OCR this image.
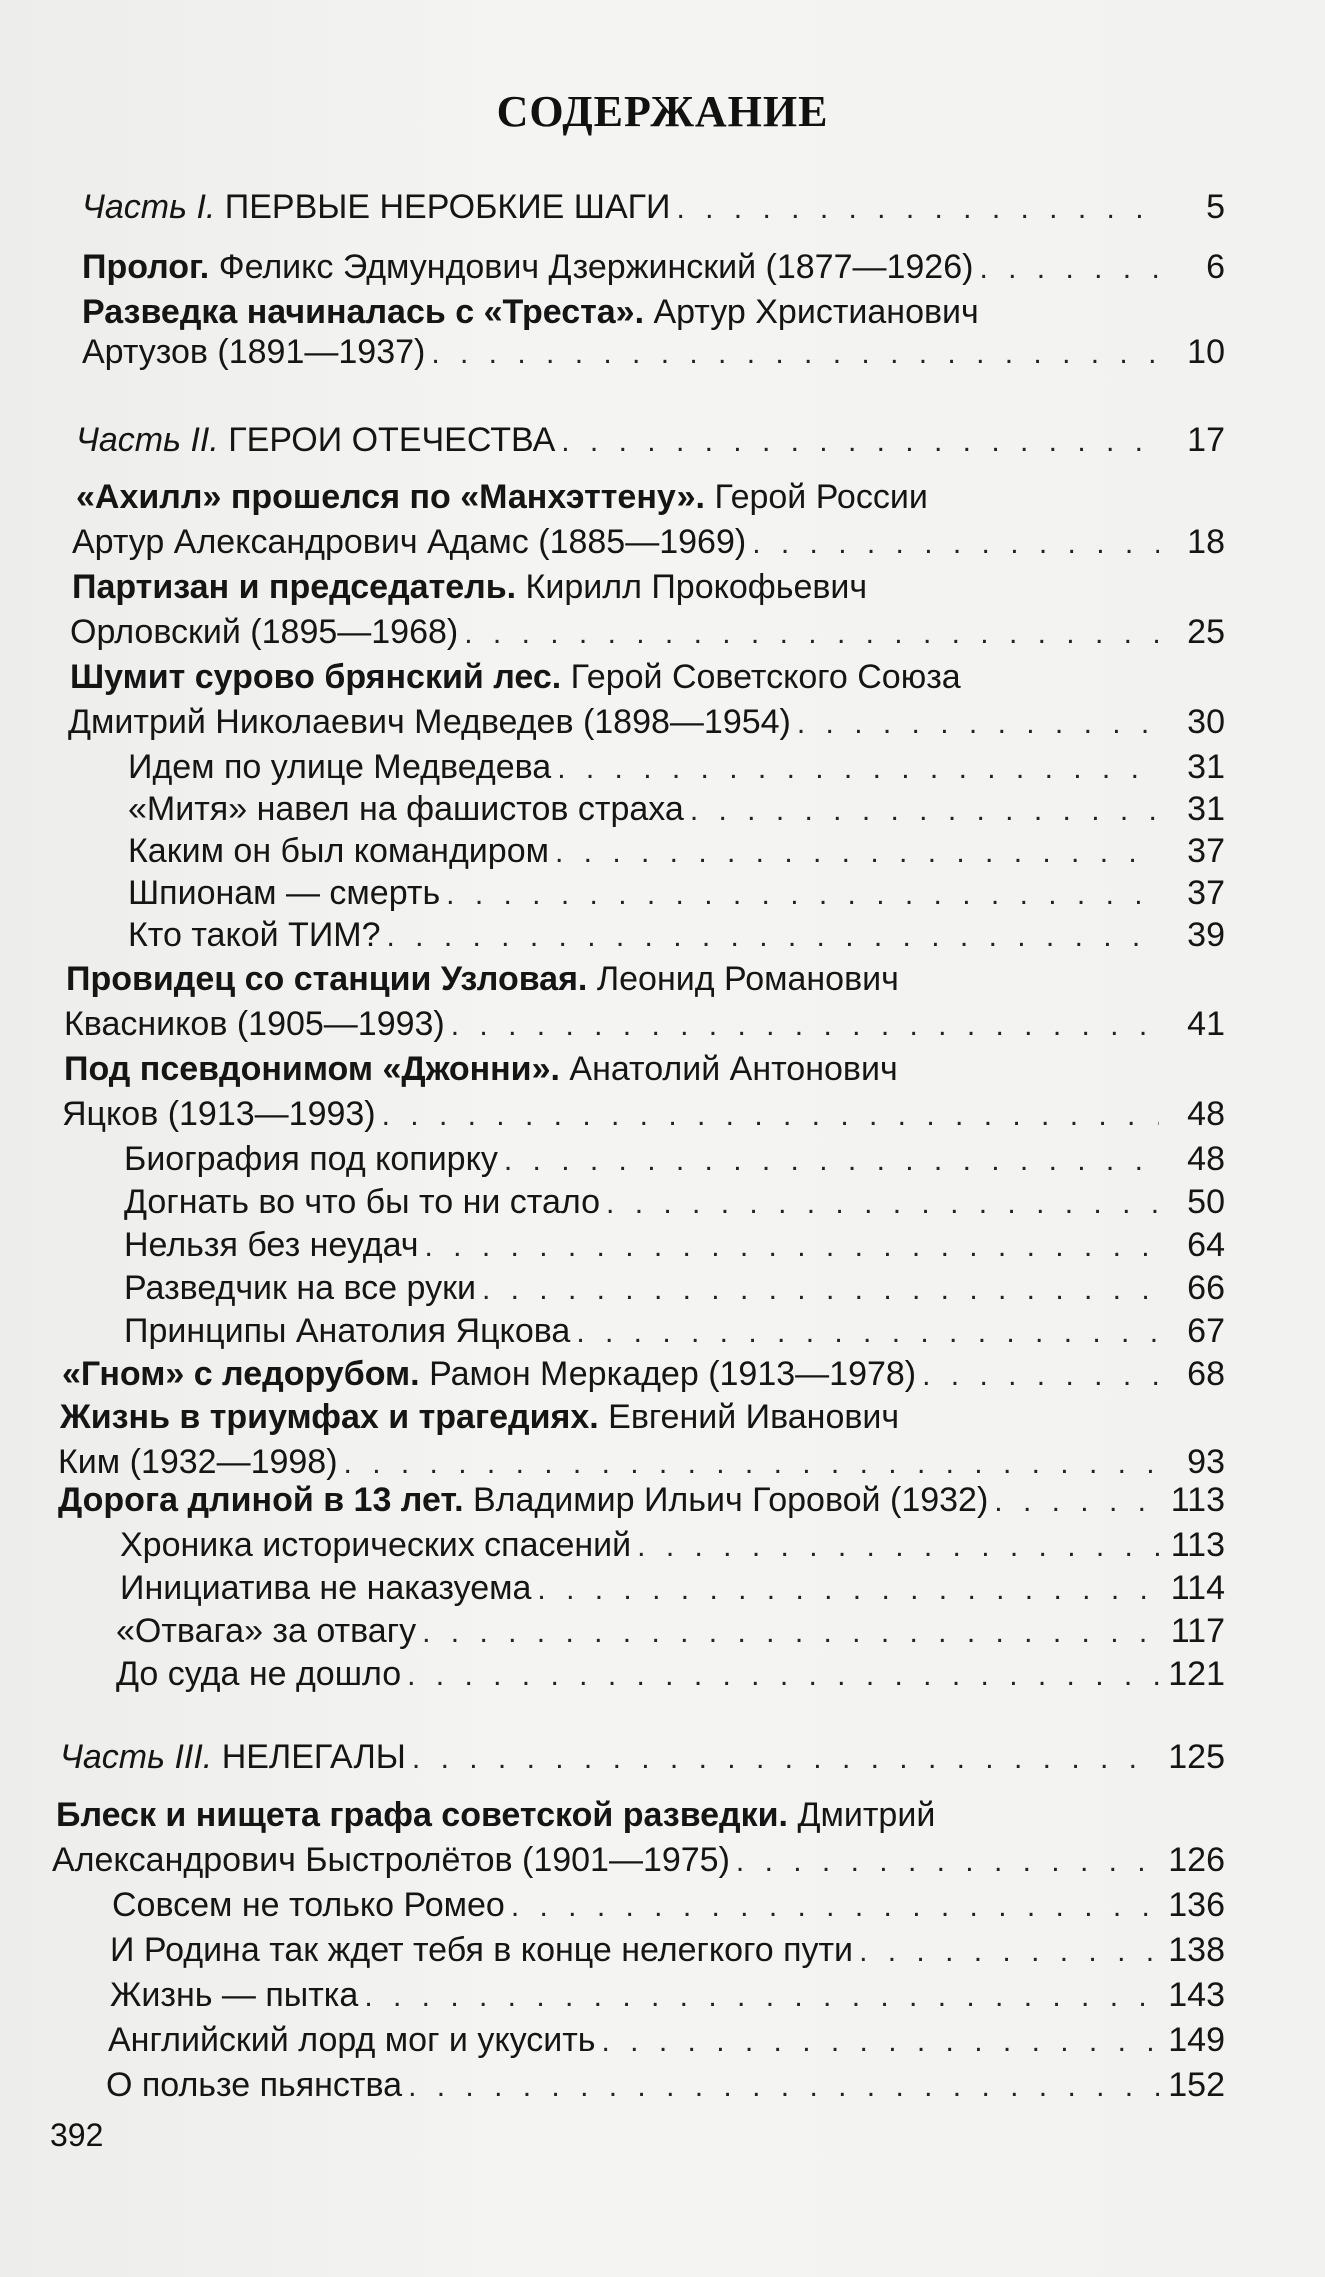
СОДЕРЖАНИЕ
Часть I. ПЕРВЫЕ НЕРОБКИЕ ШАГИ . . .	5
Пролог. Феликс Эдмундович Дзержинский (1877—1926) . . .	6
Разведка начиналась с «Треста». Артур Христианович
Артузов (1891—1937) . . .	10
Часть II. ГЕРОИ ОТЕЧЕСТВА . . .	17
«Ахилл» прошелся по «Манхэттену». Герой России
Артур Александрович Адамс (1885—1969) . . .	18
Партизан и председатель. Кирилл Прокофьевич
Орловский (1895—1968) . . .	25
Шумит сурово брянский лес. Герой Советского Союза
Дмитрий Николаевич Медведев (1898—1954) . . .	30
Идем по улице Медведева . . .	31
«Митя» навел на фашистов страха . . .	31
Каким он был командиром . . .	37
Шпионам — смерть . . .	37
Кто такой ТИМ? . . .	39
Провидец со станции Узловая. Леонид Романович
Квасников (1905—1993) . . .	41
Под псевдонимом «Джонни». Анатолий Антонович
Яцков (1913—1993) . . .	48
Биография под копирку . . .	48
Догнать во что бы то ни стало . . .	50
Нельзя без неудач . . .	64
Разведчик на все руки . . .	66
Принципы Анатолия Яцкова . . .	67
«Гном» с ледорубом. Рамон Меркадер (1913—1978) . . .	68
Жизнь в триумфах и трагедиях. Евгений Иванович
Ким (1932—1998) . . .	93
Дорога длиной в 13 лет. Владимир Ильич Горовой (1932) . . .	113
Хроника исторических спасений . . .	113
Инициатива не наказуема . . .	114
«Отвага» за отвагу . . .	117
До суда не дошло . . .	121
Часть III. НЕЛЕГАЛЫ . . .	125
Блеск и нищета графа советской разведки. Дмитрий
Александрович Быстролётов (1901—1975) . . .	126
Совсем не только Ромео . . .	136
И Родина так ждет тебя в конце нелегкого пути . . .	138
Жизнь — пытка . . .	143
Английский лорд мог и укусить . . .	149
О пользе пьянства . . .	152
392
